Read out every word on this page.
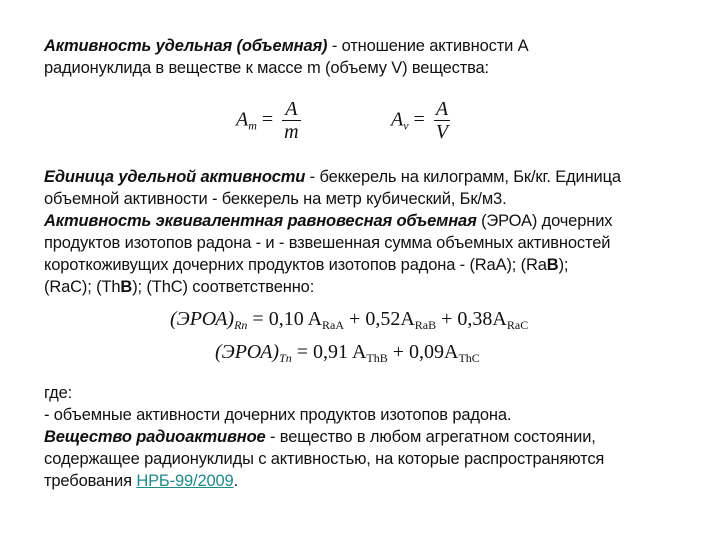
Активность удельная (объемная) - отношение активности А
радионуклида в веществе к массе m (объему V) вещества:
$A_m = \frac{A}{m}$	$A_v = \frac{A}{V}$
Единица удельной активности - беккерель на килограмм, Бк/кг. Единица
объемной активности - беккерель на метр кубический, Бк/м3.
Активность эквивалентная равновесная объемная (ЭРОА) дочерних
продуктов изотопов радона - и - взвешенная сумма объемных активностей
короткоживущих дочерних продуктов изотопов радона - (RaA); (RaB);
(RaC); (ThB); (ThC) соответственно:
$(ЭРОА)_{Rn} = 0,10$ $A_{RaA} + 0,52A_{RaB} + 0,38A_{RaC}$
$(ЭРОА)_{Tn} = 0,91$ $A_{ThB} + 0,09A_{ThC}$
где:
- объемные активности дочерних продуктов изотопов радона.
Вещество радиоактивное - вещество в любом агрегатном состоянии,
содержащее радионуклиды с активностью, на которые распространяются
требования НРБ-99/2009.
